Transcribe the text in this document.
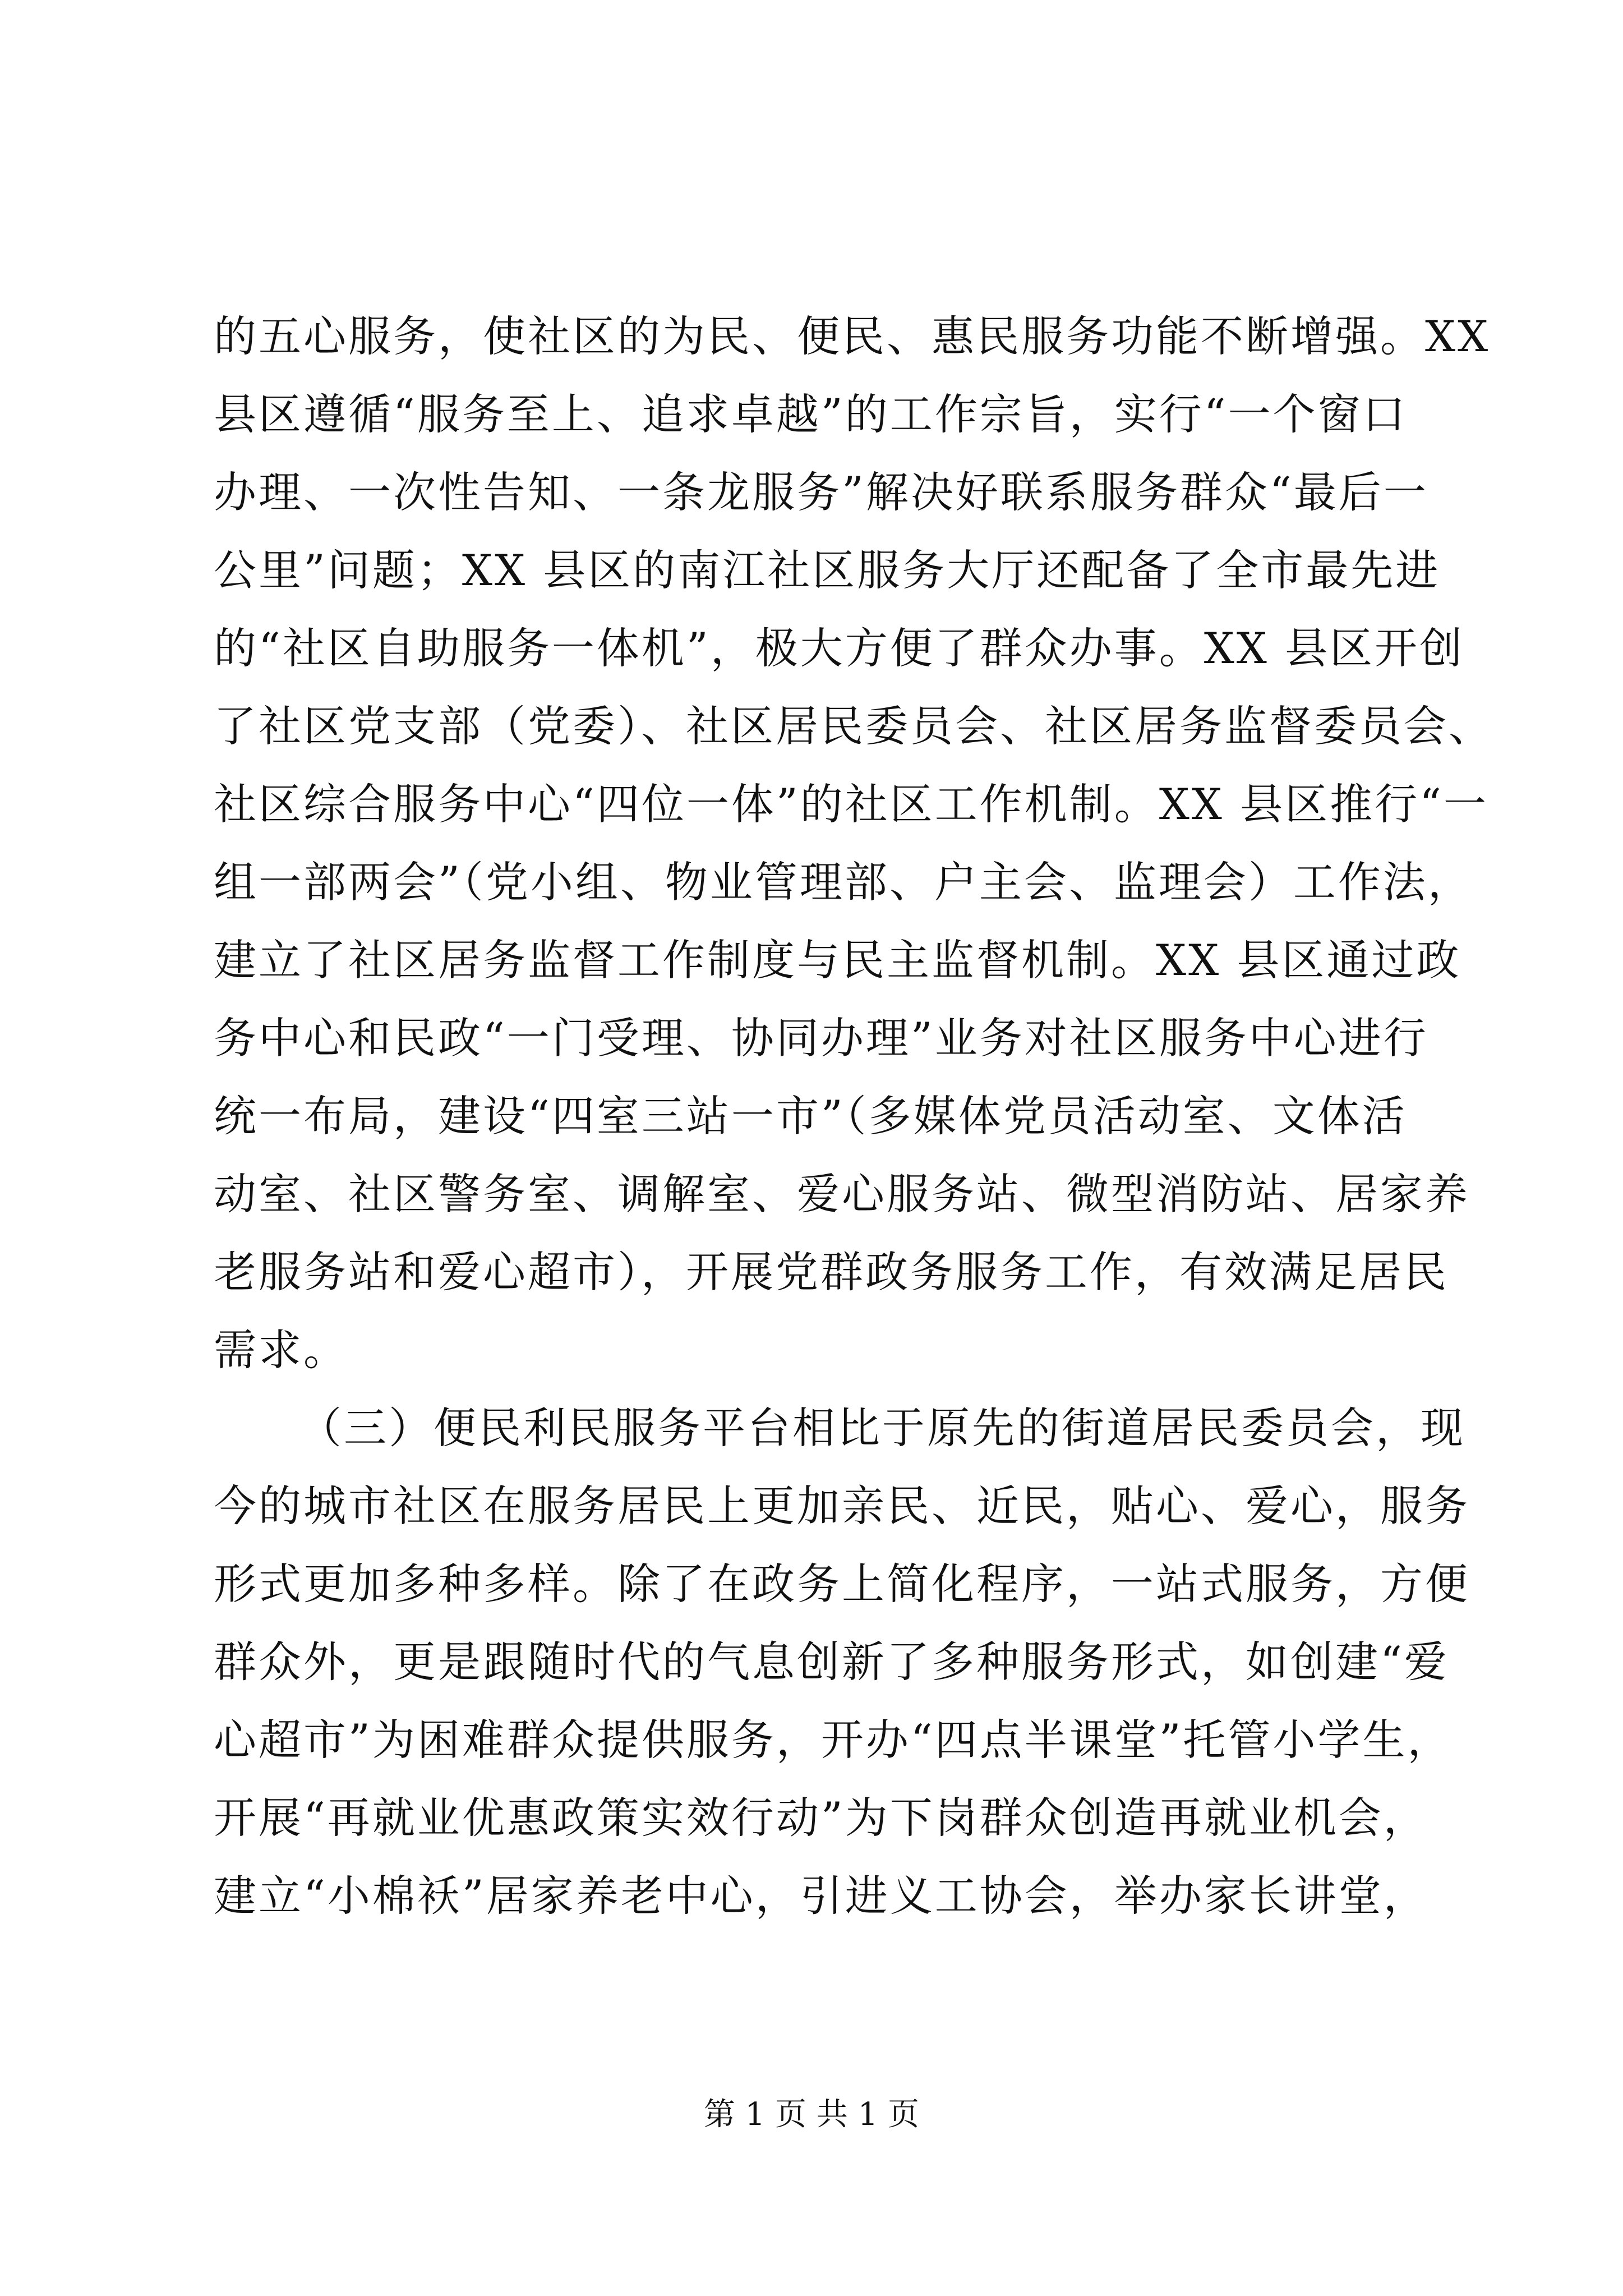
的五心服务，使社区的为民、便民、惠民服务功能不断增强。XX
县区遵循“服务至上、追求卓越”的工作宗旨，实行“一个窗口
办理、一次性告知、一条龙服务”解决好联系服务群众“最后一
公里”问题；XX 县区的南江社区服务大厅还配备了全市最先进
的“社区自助服务一体机”，极大方便了群众办事。XX 县区开创
了社区党支部（党委）、社区居民委员会、社区居务监督委员会、
社区综合服务中心“四位一体”的社区工作机制。XX 县区推行“一
组一部两会”（党小组、物业管理部、户主会、监理会）工作法，
建立了社区居务监督工作制度与民主监督机制。XX 县区通过政
务中心和民政“一门受理、协同办理”业务对社区服务中心进行
统一布局，建设“四室三站一市”（多媒体党员活动室、文体活
动室、社区警务室、调解室、爱心服务站、微型消防站、居家养
老服务站和爱心超市），开展党群政务服务工作，有效满足居民
需求。
（三）便民利民服务平台相比于原先的街道居民委员会，现
今的城市社区在服务居民上更加亲民、近民，贴心、爱心，服务
形式更加多种多样。除了在政务上简化程序，一站式服务，方便
群众外，更是跟随时代的气息创新了多种服务形式，如创建“爱
心超市”为困难群众提供服务，开办“四点半课堂”托管小学生，
开展“再就业优惠政策实效行动”为下岗群众创造再就业机会，
建立“小棉袄”居家养老中心，引进义工协会，举办家长讲堂，
第 1 页 共 1 页
